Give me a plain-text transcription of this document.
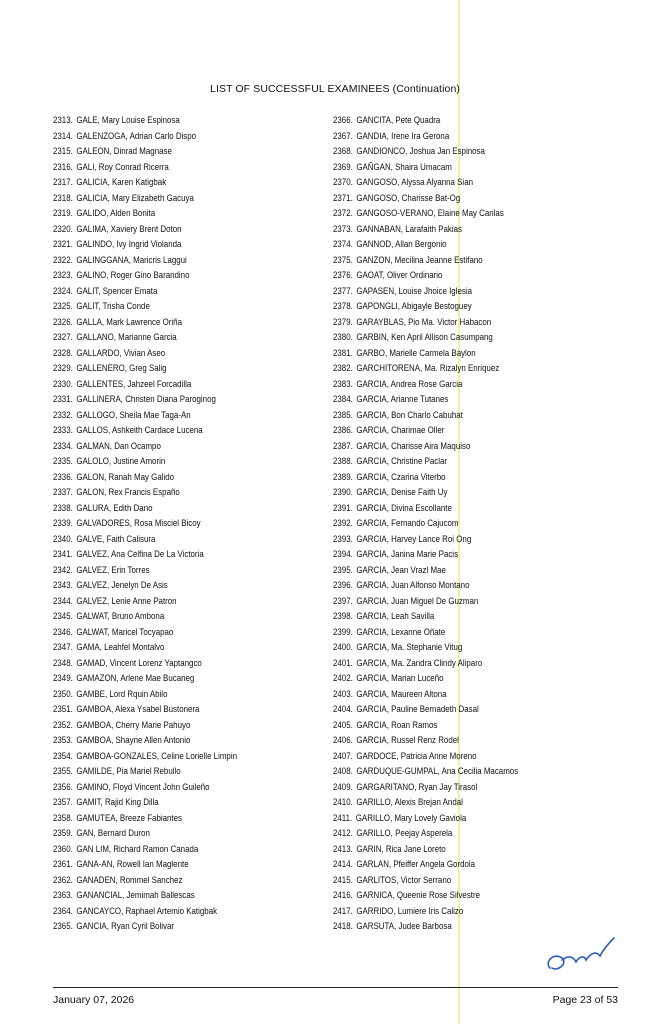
LIST OF SUCCESSFUL EXAMINEES (Continuation)
2313. GALE, Mary Louise Espinosa
2314. GALENZOGA, Adrian Carlo Dispo
2315. GALEON, Dinrad Magnase
2316. GALI, Roy Conrad Ricerra
2317. GALICIA, Karen Katigbak
2318. GALICIA, Mary Elizabeth Gacuya
2319. GALIDO, Alden Bonita
2320. GALIMA, Xaviery Brent Doton
2321. GALINDO, Ivy Ingrid Violanda
2322. GALINGGANA, Maricris Laggui
2323. GALINO, Roger Gino Barandino
2324. GALIT, Spencer Emata
2325. GALIT, Trisha Conde
2326. GALLA, Mark Lawrence Oriña
2327. GALLANO, Marianne Garcia
2328. GALLARDO, Vivian Aseo
2329. GALLENERO, Greg Salig
2330. GALLENTES, Jahzeel Forcadilla
2331. GALLINERA, Christen Diana Paroginog
2332. GALLOGO, Sheila Mae Taga-An
2333. GALLOS, Ashkeith Cardace Lucena
2334. GALMAN, Dan Ocampo
2335. GALOLO, Justine Amorin
2336. GALON, Ranah May Galido
2337. GALON, Rex Francis Españo
2338. GALURA, Edith Dano
2339. GALVADORES, Rosa Misciel Bicoy
2340. GALVE, Faith Calisura
2341. GALVEZ, Ana Celfina De La Victoria
2342. GALVEZ, Erin Torres
2343. GALVEZ, Jenelyn De Asis
2344. GALVEZ, Lenie Anne Patron
2345. GALWAT, Bruno Ambona
2346. GALWAT, Maricel Tocyapao
2347. GAMA, Leahfel Montalvo
2348. GAMAD, Vincent Lorenz Yaptangco
2349. GAMAZON, Arlene Mae Bucaneg
2350. GAMBE, Lord Rquin Abilo
2351. GAMBOA, Alexa Ysabel Bustonera
2352. GAMBOA, Cherry Marie Pahuyo
2353. GAMBOA, Shayne Allen Antonio
2354. GAMBOA-GONZALES, Celine Lorielle Limpin
2355. GAMILDE, Pia Mariel Rebullo
2356. GAMINO, Floyd Vincent John Guileño
2357. GAMIT, Rajid King Dilla
2358. GAMUTEA, Breeze Fabiantes
2359. GAN, Bernard Duron
2360. GAN LIM, Richard Ramon Canada
2361. GANA-AN, Rowell Ian Maglente
2362. GANADEN, Rommel Sanchez
2363. GANANCIAL, Jemimah Ballescas
2364. GANCAYCO, Raphael Artemio Katigbak
2365. GANCIA, Ryan Cyril Bolivar
2366. GANCITA, Pete Quadra
2367. GANDIA, Irene Ira Gerona
2368. GANDIONCO, Joshua Jan Espinosa
2369. GAÑGAN, Shaira Umacam
2370. GANGOSO, Alyssa Alyanna Sian
2371. GANGOSO, Charisse Bat-Og
2372. GANGOSO-VERANO, Elaine May Canlas
2373. GANNABAN, Larafaith Pakias
2374. GANNOD, Allan Bergonio
2375. GANZON, Mecilina Jeanne Estifano
2376. GAOAT, Oliver Ordinario
2377. GAPASEN, Louise Jhoice Iglesia
2378. GAPONGLI, Abigayle Bestoguey
2379. GARAYBLAS, Pio Ma. Victor Habacon
2380. GARBIN, Ken April Allison Casumpang
2381. GARBO, Marielle Carmela Baylon
2382. GARCHITORENA, Ma. Rizalyn Enriquez
2383. GARCIA, Andrea Rose Garcia
2384. GARCIA, Arianne Tutanes
2385. GARCIA, Bon Charlo Cabuhat
2386. GARCIA, Charimae Oller
2387. GARCIA, Charisse Aira Maquiso
2388. GARCIA, Christine Paclar
2389. GARCIA, Czarina Viterbo
2390. GARCIA, Denise Faith Uy
2391. GARCIA, Divina Escollante
2392. GARCIA, Fernando Cajucom
2393. GARCIA, Harvey Lance Roi Ong
2394. GARCIA, Janina Marie Pacis
2395. GARCIA, Jean Vrazl Mae
2396. GARCIA, Juan Alfonso Montano
2397. GARCIA, Juan Miguel De Guzman
2398. GARCIA, Leah Savilla
2399. GARCIA, Lexanne Oñate
2400. GARCIA, Ma. Stephanie Vitug
2401. GARCIA, Ma. Zandra Clindy Aliparo
2402. GARCIA, Marian Luceño
2403. GARCIA, Maureen Altona
2404. GARCIA, Pauline Bernadeth Dasal
2405. GARCIA, Roan Ramos
2406. GARCIA, Russel Renz Rodel
2407. GARDOCE, Patricia Anne Moreno
2408. GARDUQUE-GUMPAL, Ana Cecilia Macamos
2409. GARGARITANO, Ryan Jay Tirasol
2410. GARILLO, Alexis Brejan Andal
2411. GARILLO, Mary Lovely Gaviola
2412. GARILLO, Peejay Asperela
2413. GARIN, Rica Jane Loreto
2414. GARLAN, Pfeiffer Angela Gordola
2415. GARLITOS, Victor Serrano
2416. GARNICA, Queenie Rose Silvestre
2417. GARRIDO, Lumiere Iris Calizo
2418. GARSUTA, Judee Barbosa
January 07, 2026	Page 23 of 53
